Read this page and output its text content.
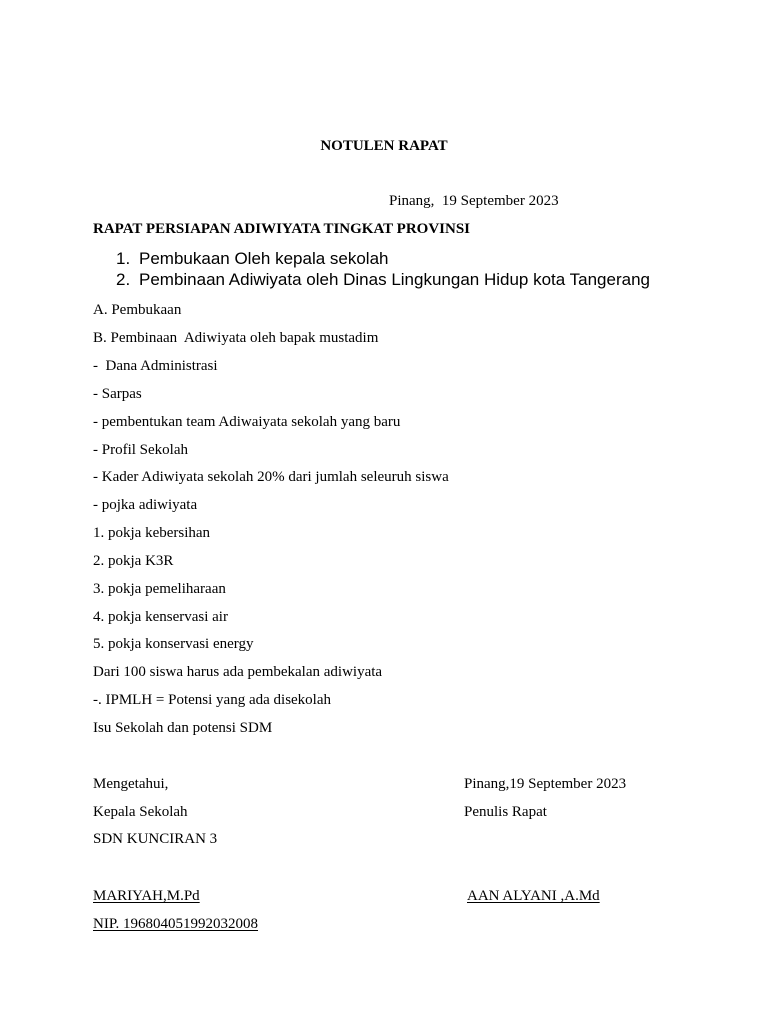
NOTULEN RAPAT
Pinang,  19 September 2023
RAPAT PERSIAPAN ADIWIYATA TINGKAT PROVINSI
1. Pembukaan Oleh kepala sekolah
2. Pembinaan Adiwiyata oleh Dinas Lingkungan Hidup kota Tangerang
A. Pembukaan
B. Pembinaan  Adiwiyata oleh bapak mustadim
-  Dana Administrasi
- Sarpas
- pembentukan team Adiwaiyata sekolah yang baru
- Profil Sekolah
- Kader Adiwiyata sekolah 20% dari jumlah seleuruh siswa
- pojka adiwiyata
1. pokja kebersihan
2. pokja K3R
3. pokja pemeliharaan
4. pokja kenservasi air
5. pokja konservasi energy
Dari 100 siswa harus ada pembekalan adiwiyata
-. IPMLH = Potensi yang ada disekolah
Isu Sekolah dan potensi SDM
Mengetahui,
Kepala Sekolah
SDN KUNCIRAN 3
MARIYAH,M.Pd
NIP. 196804051992032008
Pinang,19 September 2023
Penulis Rapat
AAN ALYANI ,A.Md
